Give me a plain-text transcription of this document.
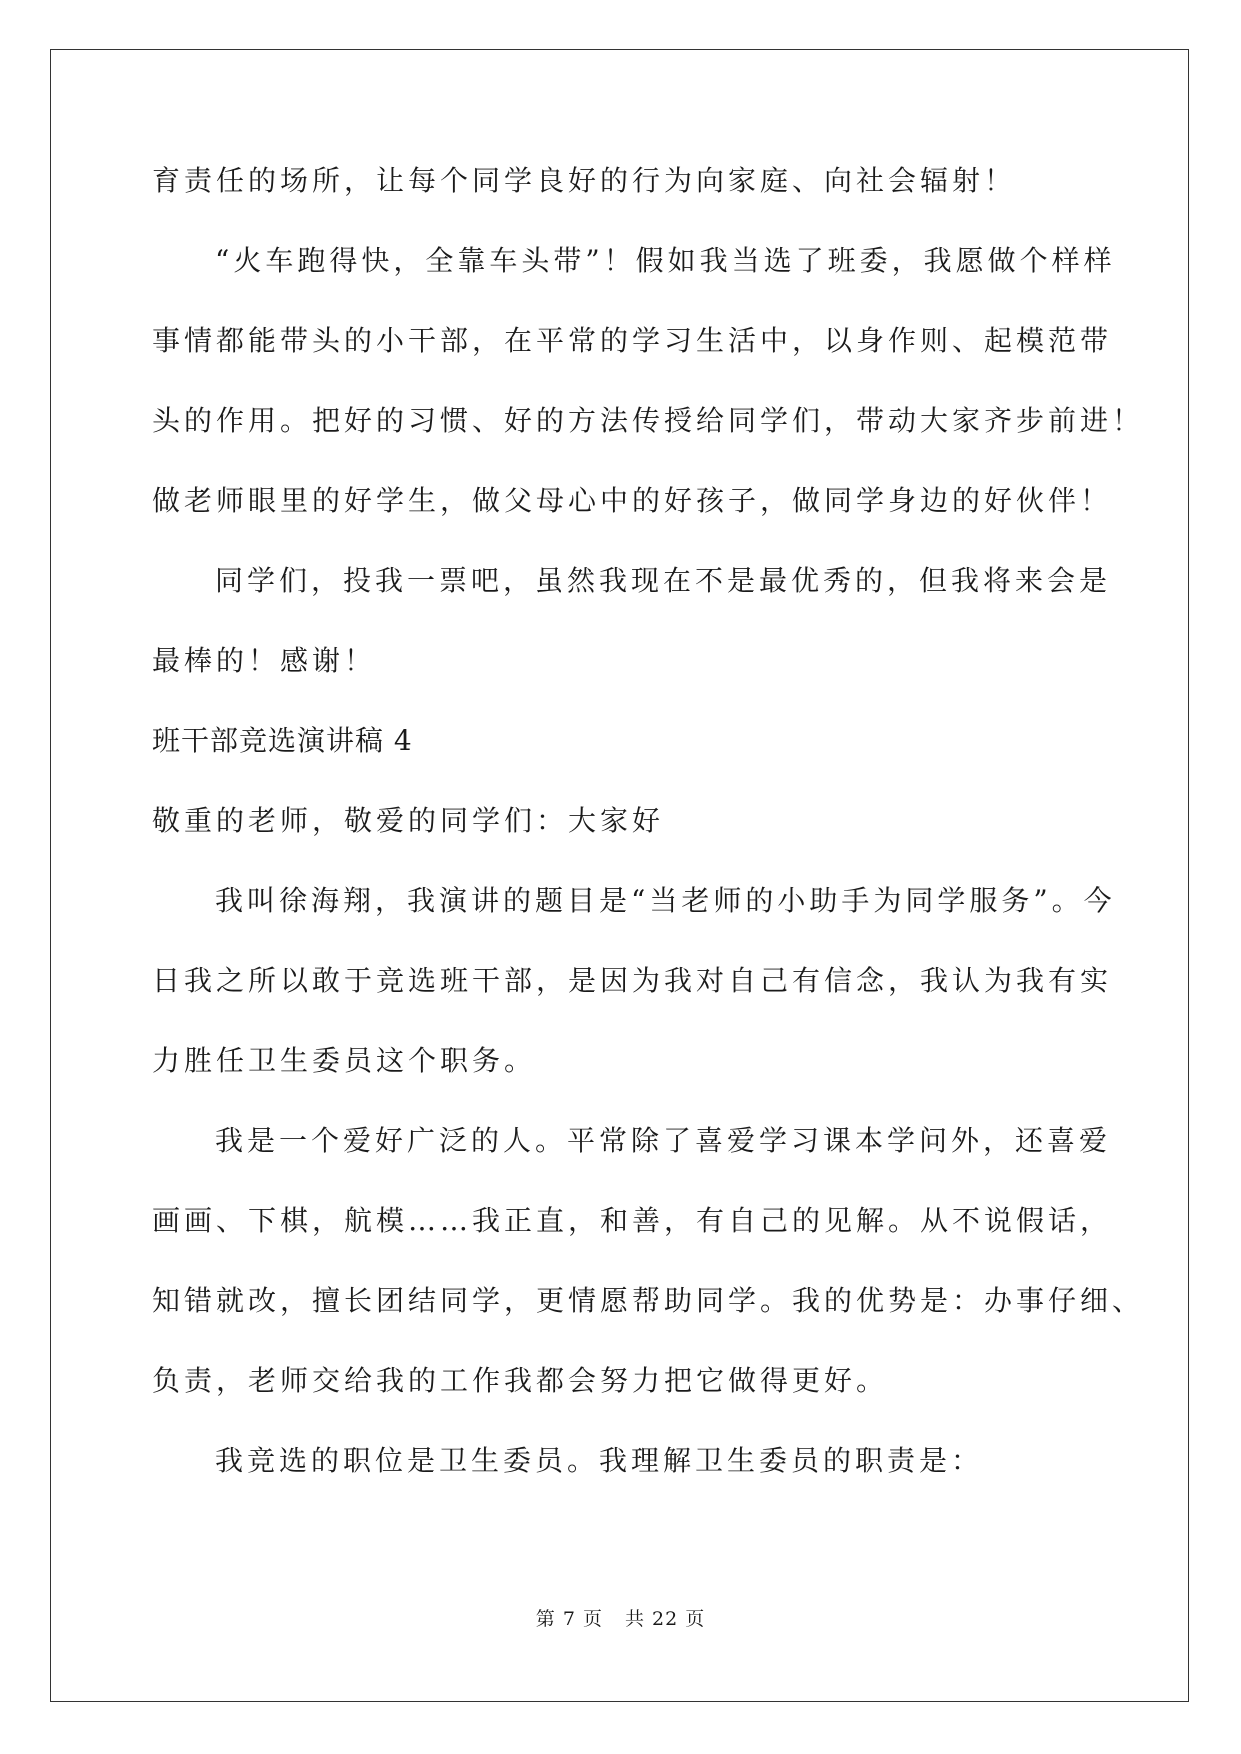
育责任的场所，让每个同学良好的行为向家庭、向社会辐射！
“火车跑得快，全靠车头带”！假如我当选了班委，我愿做个样样
事情都能带头的小干部，在平常的学习生活中，以身作则、起模范带
头的作用。把好的习惯、好的方法传授给同学们，带动大家齐步前进！
做老师眼里的好学生，做父母心中的好孩子，做同学身边的好伙伴！
同学们，投我一票吧，虽然我现在不是最优秀的，但我将来会是
最棒的！感谢！
班干部竞选演讲稿 4
敬重的老师，敬爱的同学们：大家好
我叫徐海翔，我演讲的题目是“当老师的小助手为同学服务”。今
日我之所以敢于竞选班干部，是因为我对自己有信念，我认为我有实
力胜任卫生委员这个职务。
我是一个爱好广泛的人。平常除了喜爱学习课本学问外，还喜爱
画画、下棋，航模……我正直，和善，有自己的见解。从不说假话，
知错就改，擅长团结同学，更情愿帮助同学。我的优势是：办事仔细、
负责，老师交给我的工作我都会努力把它做得更好。
我竞选的职位是卫生委员。我理解卫生委员的职责是：
第 7 页 共 22 页
